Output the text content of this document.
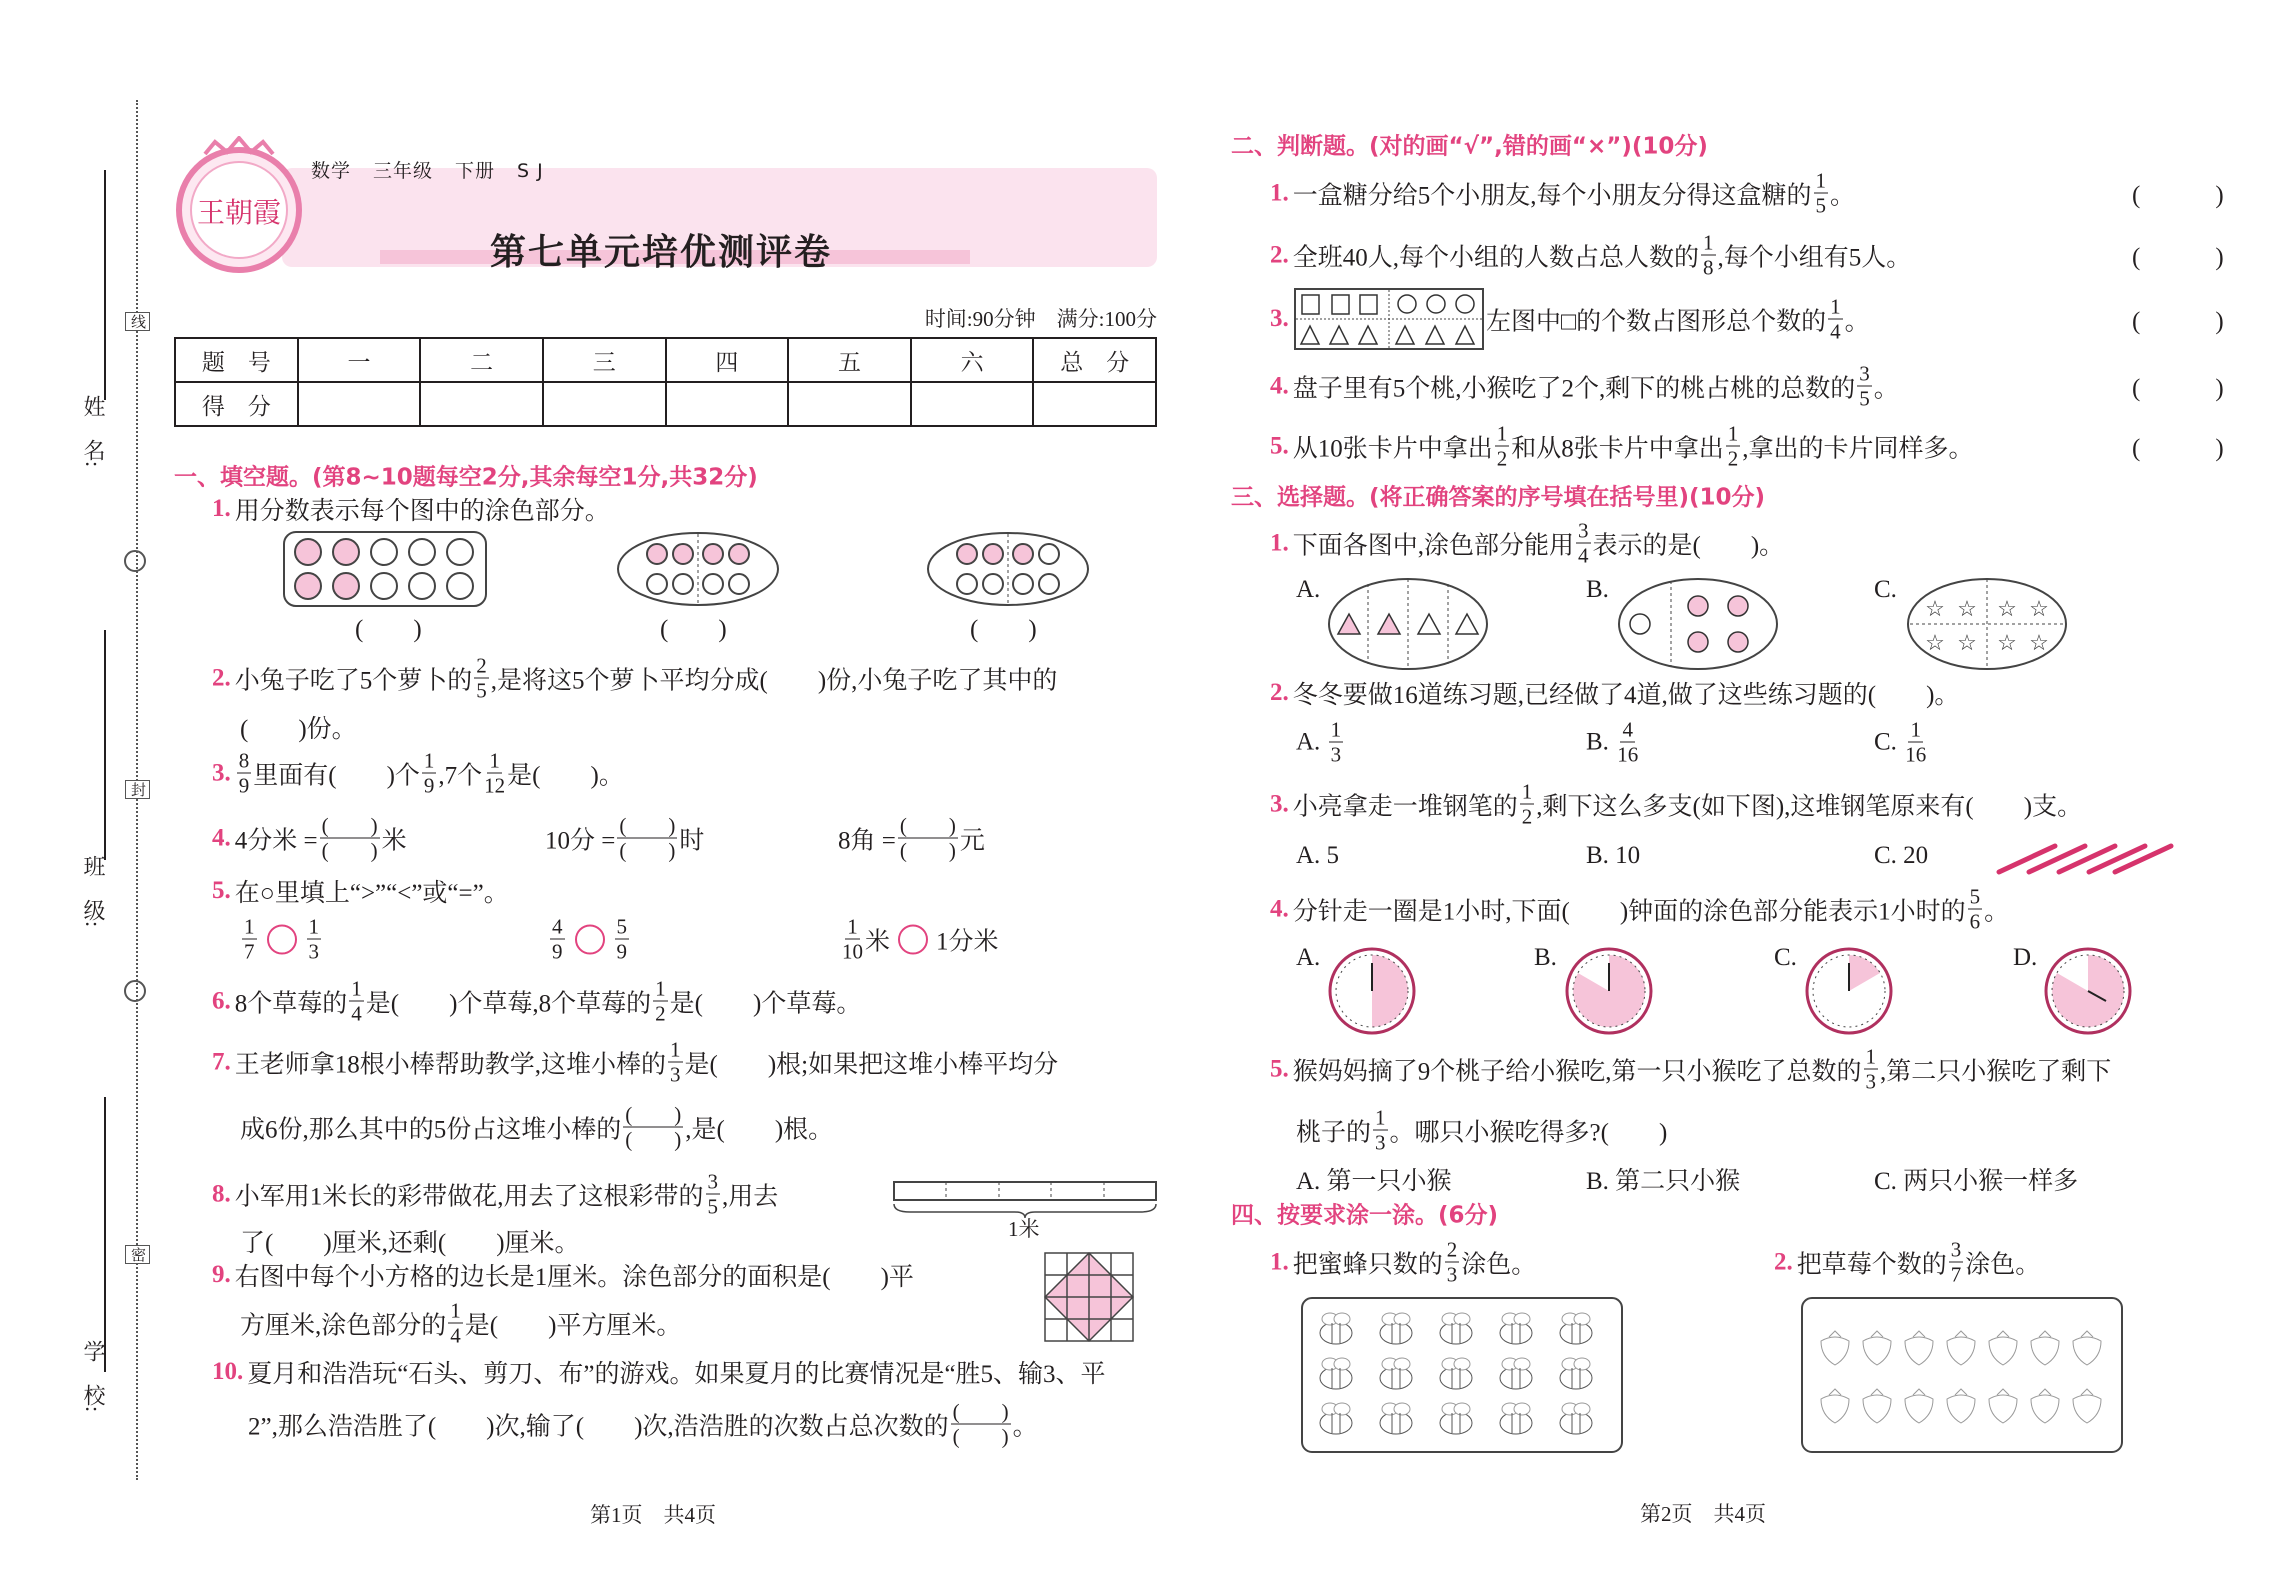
姓　名:
班　级:
学　校:
线
封
密
王朝霞
数学 三年级 下册 S J
第七单元培优测评卷
时间:90分钟　 满分:100分
题　号	一	二	三	四	五	六	总　分
得　分							
一、填空题。(第8~10题每空2分,其余每空1分,共32分)
1. 用分数表示每个图中的涂色部分。
(　　)	(　　)	(　　)
2. 小兔子吃了5个萝卜的 $\frac{2}{5}$ ,是将这5个萝卜平均分成(　　)份,小兔子吃了其中的
(　　)份。
3. $\frac{8}{9}$ 里面有(　　)个 $\frac{1}{9} ,7$个 $\frac{1}{12}$ 是(　　)。
4. 4分米 = $\frac{( )}{( )}$ 米	10分 = $\frac{( )}{( )}$ 时	8角 = $\frac{( )}{( )}$ 元
5. 在○里填上“>”“<”或“=”。
$\frac{1}{7} \frac{1}{3}$	$\frac{4}{9} \frac{5}{9}$	$\frac{1}{10}$ 米 1分米
6. 8个草莓的 $\frac{1}{4}$ 是(　　)个草莓,8个草莓的 $\frac{1}{2}$ 是(　　)个草莓。
7. 王老师拿18根小棒帮助教学,这堆小棒的 $\frac{1}{3}$ 是(　　)根;如果把这堆小棒平均分
成6份,那么其中的5份占这堆小棒的 $\frac{( )}{( )}$ ,是(　　)根。
8. 小军用1米长的彩带做花,用去了这根彩带的 $\frac{3}{5}$ ,用去
了(　　)厘米,还剩(　　)厘米。
1米
9. 右图中每个小方格的边长是1厘米。涂色部分的面积是(　　)平
方厘米,涂色部分的 $\frac{1}{4}$ 是(　　)平方厘米。
10. 夏月和浩浩玩“石头、剪刀、布”的游戏。如果夏月的比赛情况是“胜5、输3、平
2”,那么浩浩胜了(　　)次,输了(　　)次,浩浩胜的次数占总次数的 $\frac{( )}{( )}$ 。
第1页　共4页
二、判断题。(对的画“√”,错的画“×”)(10分)
1. 一盒糖分给5个小朋友,每个小朋友分得这盒糖的 $\frac{1}{5}$ 。
2. 全班40人,每个小组的人数占总人数的 $\frac{1}{8}$ ,每个小组有5人。
3.	左图中□的个数占图形总个数的 $\frac{1}{4}$ 。
4. 盘子里有5个桃,小猴吃了2个,剩下的桃占桃的总数的 $\frac{3}{5}$ 。
5. 从10张卡片中拿出 $\frac{1}{2}$ 和从8张卡片中拿出 $\frac{1}{2}$ ,拿出的卡片同样多。
(　　　)
(　　　)
(　　　)
(　　　)
(　　　)
三、选择题。(将正确答案的序号填在括号里)(10分)
1. 下面各图中,涂色部分能用 $\frac{3}{4}$ 表示的是(　　)。
A.	B.	C.
☆ ☆ ☆ ☆
☆ ☆ ☆ ☆
2. 冬冬要做16道练习题,已经做了4道,做了这些练习题的(　　)。
A. $\frac{1}{3}$	B. $\frac{4}{16}$	C. $\frac{1}{16}$
3. 小亮拿走一堆钢笔的 $\frac{1}{2}$ ,剩下这么多支(如下图),这堆钢笔原来有(　　)支。
A. 5	B. 10	C. 20
4. 分针走一圈是1小时,下面(　　)钟面的涂色部分能表示1小时的 $\frac{5}{6}$ 。
A.	B.	C.	D.
5. 猴妈妈摘了9个桃子给小猴吃,第一只小猴吃了总数的 $\frac{1}{3}$ ,第二只小猴吃了剩下
桃子的 $\frac{1}{3}$ 。哪只小猴吃得多?(　　)
A. 第一只小猴	B. 第二只小猴	C. 两只小猴一样多
四、按要求涂一涂。(6分)
1. 把蜜蜂只数的 $\frac{2}{3}$ 涂色。	2. 把草莓个数的 $\frac{3}{7}$ 涂色。
第2页　共4页
